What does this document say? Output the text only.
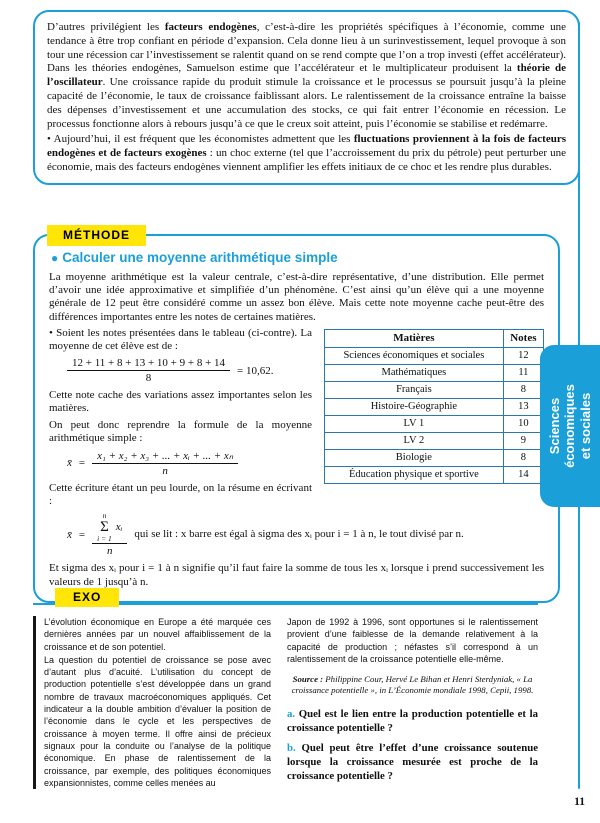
D’autres privilégient les facteurs endogènes, c’est-à-dire les propriétés spécifiques à l’économie, comme une tendance à être trop confiant en période d’expansion. Cela donne lieu à un surinvestissement, lequel provoque à son tour une récession car l’investissement se ralentit quand on se rend compte que l’on a trop investi (effet accélérateur). Dans les théories endogènes, Samuelson estime que l’accélérateur et le multiplicateur produisent la théorie de l’oscillateur. Une croissance rapide du produit stimule la croissance et le processus se poursuit jusqu’à la pleine capacité de l’économie, le taux de croissance faiblissant alors. Le ralentissement de la croissance entraîne la baisse des dépenses d’investissement et une accumulation des stocks, ce qui fait entrer l’économie en récession. Le processus fonctionne alors à rebours jusqu’à ce que le creux soit atteint, puis l’économie se stabilise et redémarre.

• Aujourd’hui, il est fréquent que les économistes admettent que les fluctuations proviennent à la fois de facteurs endogènes et de facteurs exogènes : un choc externe (tel que l’accroissement du prix du pétrole) peut perturber une économie, mais des facteurs endogènes viennent amplifier les effets initiaux de ce choc et les rendre plus durables.

MÉTHODE
● Calculer une moyenne arithmétique simple

La moyenne arithmétique est la valeur centrale, c’est-à-dire représentative, d’une distribution. Elle permet d’avoir une idée approximative et simplifiée d’un phénomène. C’est ainsi qu’un élève qui a une moyenne générale de 12 peut être considéré comme un assez bon élève. Mais cette note moyenne cache peut-être des différences importantes entre les notes de certaines matières.

Matières	Notes
Sciences économiques et sociales	12
Mathématiques	11
Français	8
Histoire-Géographie	13
LV 1	10
LV 2	9
Biologie	8
Éducation physique et sportive	14

• Soient les notes présentées dans le tableau (ci-contre). La moyenne de cet élève est de :

$\frac{12 + 11 + 8 + 13 + 10 + 9 + 8 + 14}{8} = 10,62$.

Cette note cache des variations assez importantes selon les matières.

On peut donc reprendre la formule de la moyenne arithmétique simple :

x̄ = $\frac{\text{x₁ + x₂ + x₃ + ... + xᵢ + ... + xₙ}}{n}$

Cette écriture étant un peu lourde, on la résume en écrivant :

x̄ = n
Σ
i = 1
xᵢ
n qui se lit : x barre est égal à sigma des xᵢ pour i = 1 à n, le tout divisé par n.

Et sigma des xᵢ pour i = 1 à n signifie qu’il faut faire la somme de tous les xᵢ lorsque i prend successivement les valeurs de 1 jusqu’à n.

EXO

L’évolution économique en Europe a été marquée ces dernières années par un nouvel affaiblissement de la croissance et de son potentiel.

La question du potentiel de croissance se pose avec d’autant plus d’acuité. L’utilisation du concept de production potentielle s’est développée dans un grand nombre de travaux macroéconomiques appliqués. Cet indicateur a la double ambition d’évaluer la position de l’économie dans le cycle et les perspectives de croissance à moyen terme. Il offre ainsi de précieux signaux pour la conduite ou l’analyse de la politique économique. En phase de ralentissement de la croissance, par exemple, des politiques économiques expansionnistes, comme celles menées au

Japon de 1992 à 1996, sont opportunes si le ralentissement provient d’une faiblesse de la demande relativement à la capacité de production ; néfastes s’il correspond à un ralentissement de la croissance potentielle elle-même.

Source : Philippine Cour, Hervé Le Bihan et Henri Sterdyniak, « La croissance potentielle », in L’Économie mondiale 1998, Cepii, 1998.

a. Quel est le lien entre la production potentielle et la croissance potentielle ?

b. Quel peut être l’effet d’une croissance soutenue lorsque la croissance mesurée est proche de la croissance potentielle ?

Sciences économiques et sociales
11
